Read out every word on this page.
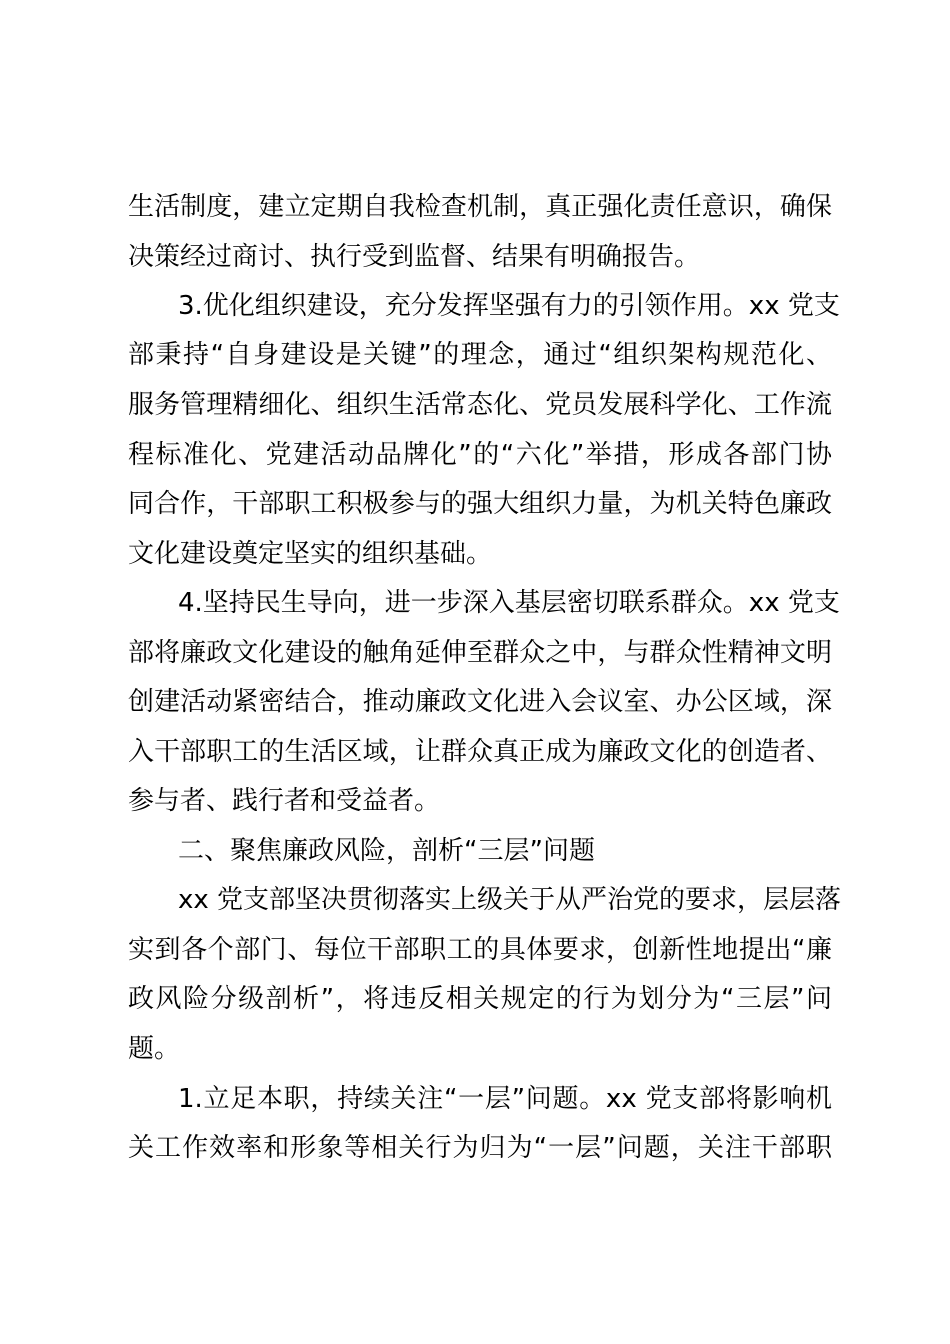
生活制度，建立定期自我检查机制，真正强化责任意识，确保
决策经过商讨、执行受到监督、结果有明确报告。
3.优化组织建设，充分发挥坚强有力的引领作用。xx 党支
部秉持“自身建设是关键”的理念，通过“组织架构规范化、
服务管理精细化、组织生活常态化、党员发展科学化、工作流
程标准化、党建活动品牌化”的“六化”举措，形成各部门协
同合作，干部职工积极参与的强大组织力量，为机关特色廉政
文化建设奠定坚实的组织基础。
4.坚持民生导向，进一步深入基层密切联系群众。xx 党支
部将廉政文化建设的触角延伸至群众之中，与群众性精神文明
创建活动紧密结合，推动廉政文化进入会议室、办公区域，深
入干部职工的生活区域，让群众真正成为廉政文化的创造者、
参与者、践行者和受益者。
二、聚焦廉政风险，剖析“三层”问题
xx 党支部坚决贯彻落实上级关于从严治党的要求，层层落
实到各个部门、每位干部职工的具体要求，创新性地提出“廉
政风险分级剖析”，将违反相关规定的行为划分为“三层”问
题。
1.立足本职，持续关注“一层”问题。xx 党支部将影响机
关工作效率和形象等相关行为归为“一层”问题，关注干部职
